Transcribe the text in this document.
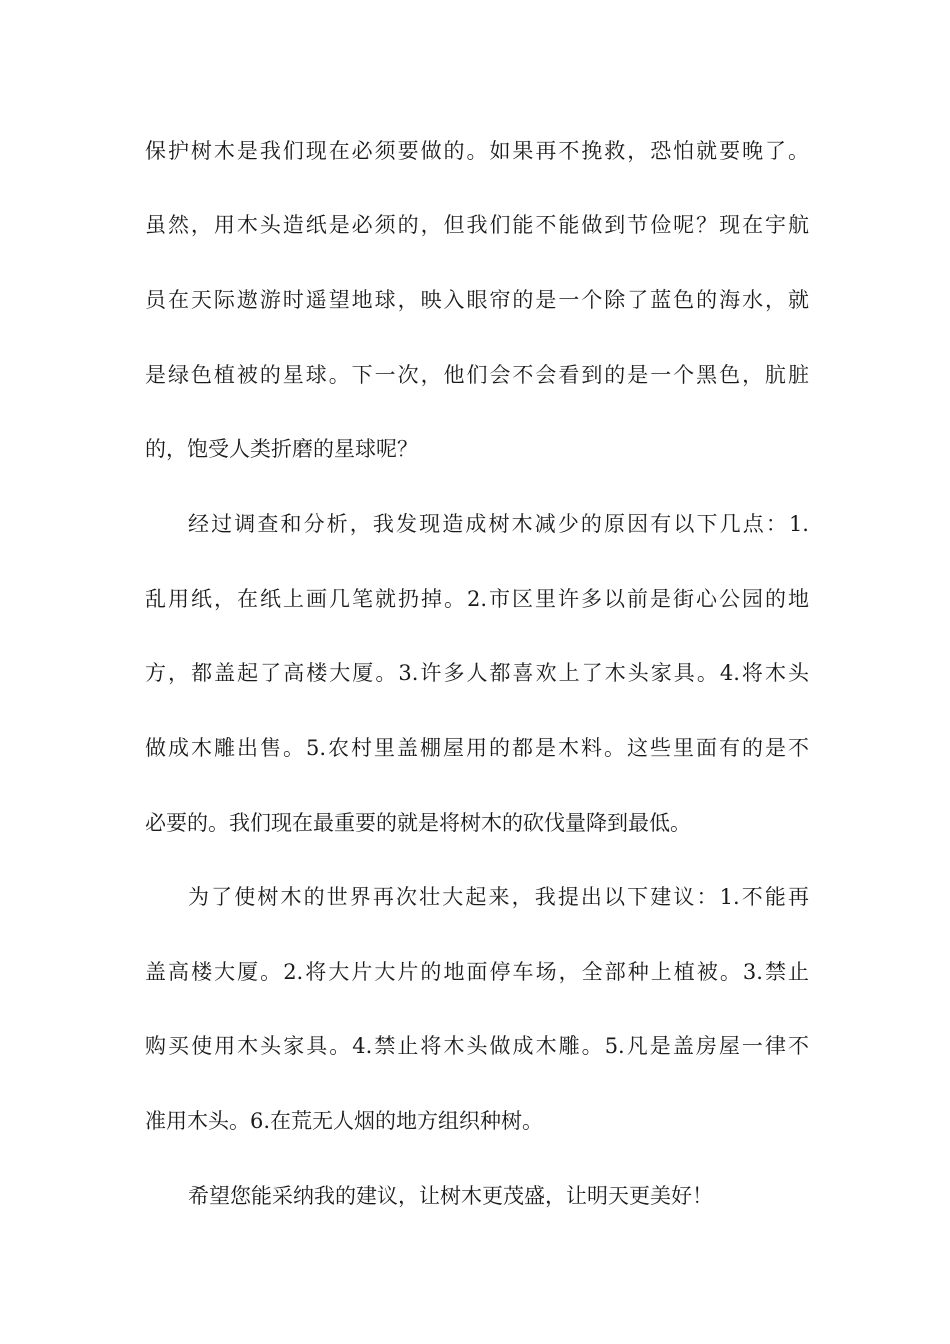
保护树木是我们现在必须要做的。如果再不挽救，恐怕就要晚了。
虽然，用木头造纸是必须的，但我们能不能做到节俭呢？现在宇航
员在天际遨游时遥望地球，映入眼帘的是一个除了蓝色的海水，就
是绿色植被的星球。下一次，他们会不会看到的是一个黑色，肮脏
的，饱受人类折磨的星球呢？
经过调查和分析，我发现造成树木减少的原因有以下几点：1.
乱用纸，在纸上画几笔就扔掉。2.市区里许多以前是街心公园的地
方，都盖起了高楼大厦。3.许多人都喜欢上了木头家具。4.将木头
做成木雕出售。5.农村里盖棚屋用的都是木料。这些里面有的是不
必要的。我们现在最重要的就是将树木的砍伐量降到最低。
为了使树木的世界再次壮大起来，我提出以下建议：1.不能再
盖高楼大厦。2.将大片大片的地面停车场，全部种上植被。3.禁止
购买使用木头家具。4.禁止将木头做成木雕。5.凡是盖房屋一律不
准用木头。6.在荒无人烟的地方组织种树。
希望您能采纳我的建议，让树木更茂盛，让明天更美好！
